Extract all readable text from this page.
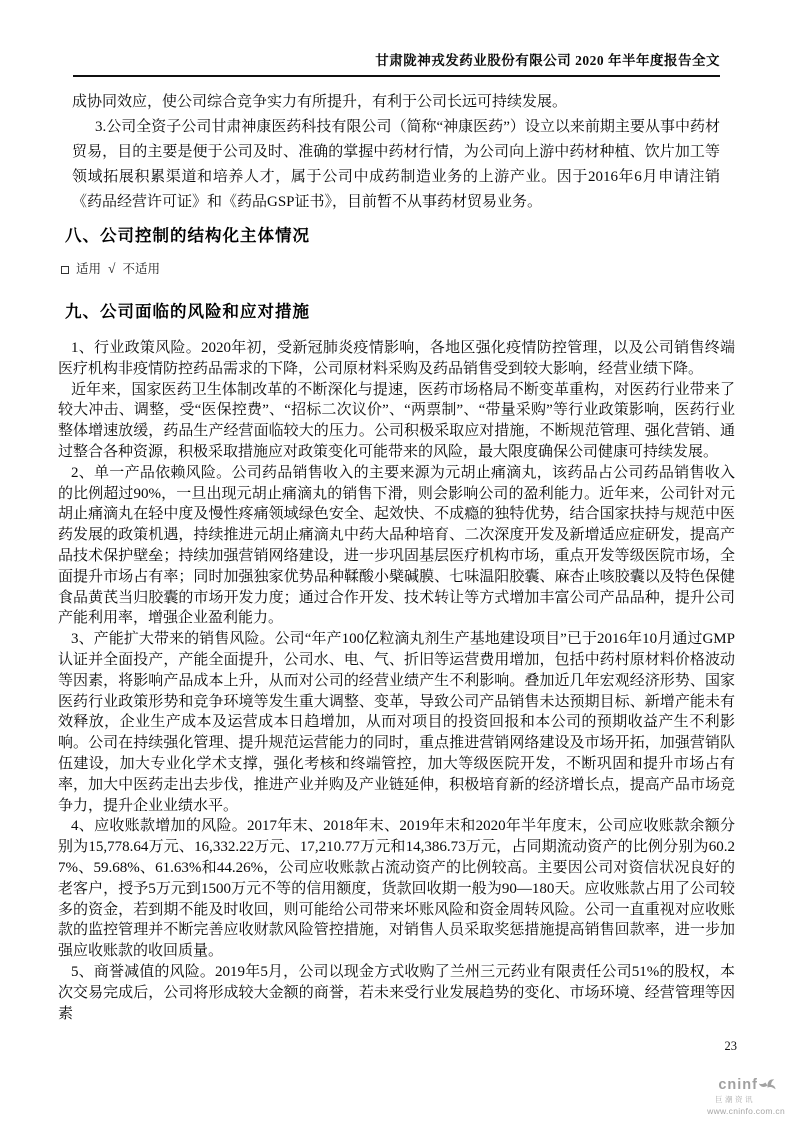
甘肃陇神戎发药业股份有限公司 2020 年半年度报告全文

成协同效应，使公司综合竞争实力有所提升，有利于公司长远可持续发展。

3.公司全资子公司甘肃神康医药科技有限公司（简称“神康医药”）设立以来前期主要从事中药材贸易，目的主要是便于公司及时、准确的掌握中药材行情，为公司向上游中药材种植、饮片加工等领域拓展积累渠道和培养人才，属于公司中成药制造业务的上游产业。因于2016年6月申请注销《药品经营许可证》和《药品GSP证书》，目前暂不从事药材贸易业务。

八、公司控制的结构化主体情况
适用 √ 不适用
九、公司面临的风险和应对措施

1、行业政策风险。2020年初，受新冠肺炎疫情影响，各地区强化疫情防控管理，以及公司销售终端医疗机构非疫情防控药品需求的下降，公司原材料采购及药品销售受到较大影响，经营业绩下降。

近年来，国家医药卫生体制改革的不断深化与提速，医药市场格局不断变革重构，对医药行业带来了较大冲击、调整，受“医保控费”、“招标二次议价”、“两票制”、“带量采购”等行业政策影响，医药行业整体增速放缓，药品生产经营面临较大的压力。公司积极采取应对措施，不断规范管理、强化营销、通过整合各种资源，积极采取措施应对政策变化可能带来的风险，最大限度确保公司健康可持续发展。

2、单一产品依赖风险。公司药品销售收入的主要来源为元胡止痛滴丸，该药品占公司药品销售收入的比例超过90%，一旦出现元胡止痛滴丸的销售下滑，则会影响公司的盈利能力。近年来，公司针对元胡止痛滴丸在轻中度及慢性疼痛领域绿色安全、起效快、不成瘾的独特优势，结合国家扶持与规范中医药发展的政策机遇，持续推进元胡止痛滴丸中药大品种培育、二次深度开发及新增适应症研发，提高产品技术保护壁垒；持续加强营销网络建设，进一步巩固基层医疗机构市场，重点开发等级医院市场，全面提升市场占有率；同时加强独家优势品种鞣酸小檗碱膜、七味温阳胶囊、麻杏止咳胶囊以及特色保健食品黄芪当归胶囊的市场开发力度；通过合作开发、技术转让等方式增加丰富公司产品品种，提升公司产能利用率，增强企业盈利能力。

3、产能扩大带来的销售风险。公司“年产100亿粒滴丸剂生产基地建设项目”已于2016年10月通过GMP认证并全面投产，产能全面提升，公司水、电、气、折旧等运营费用增加，包括中药村原材料价格波动等因素，将影响产品成本上升，从而对公司的经营业绩产生不利影响。叠加近几年宏观经济形势、国家医药行业政策形势和竞争环境等发生重大调整、变革，导致公司产品销售未达预期目标、新增产能未有效释放，企业生产成本及运营成本日趋增加，从而对项目的投资回报和本公司的预期收益产生不利影响。公司在持续强化管理、提升规范运营能力的同时，重点推进营销网络建设及市场开拓，加强营销队伍建设，加大专业化学术支撑，强化考核和终端管控，加大等级医院开发，不断巩固和提升市场占有率，加大中医药走出去步伐，推进产业并购及产业链延伸，积极培育新的经济增长点，提高产品市场竞争力，提升企业业绩水平。

4、应收账款增加的风险。2017年末、2018年末、2019年末和2020年半年度末，公司应收账款余额分别为15,778.64万元、16,332.22万元、17,210.77万元和14,386.73万元，占同期流动资产的比例分别为60.27%、59.68%、61.63%和44.26%，公司应收账款占流动资产的比例较高。主要因公司对资信状况良好的老客户，授予5万元到1500万元不等的信用额度，货款回收期一般为90—180天。应收账款占用了公司较多的资金，若到期不能及时收回，则可能给公司带来坏账风险和资金周转风险。公司一直重视对应收账款的监控管理并不断完善应收财款风险管控措施，对销售人员采取奖惩措施提高销售回款率，进一步加强应收账款的收回质量。

5、商誉减值的风险。2019年5月，公司以现金方式收购了兰州三元药业有限责任公司51%的股权，本次交易完成后，公司将形成较大金额的商誉，若未来受行业发展趋势的变化、市场环境、经营管理等因素

23
cninf
巨潮资讯
www.cninfo.com.cn
